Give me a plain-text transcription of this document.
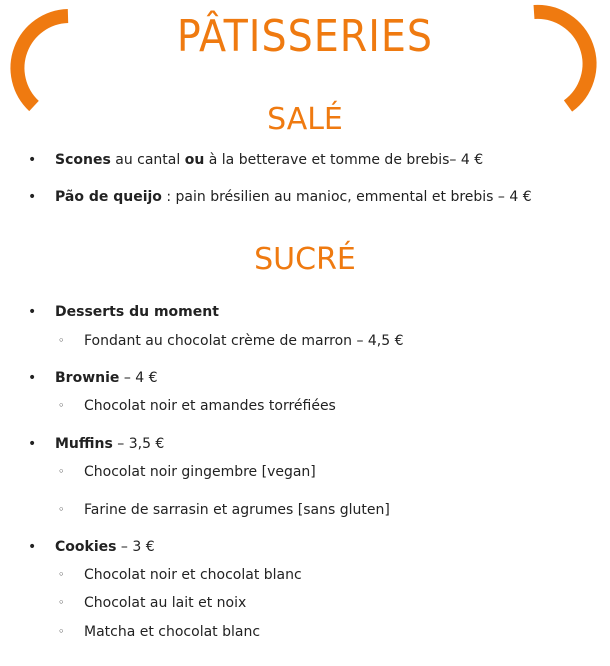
PÂTISSERIES
SALÉ
• Scones au cantal ou à la betterave et tomme de brebis– 4 €
• Pão de queijo : pain brésilien au manioc, emmental et brebis – 4 €
SUCRÉ
• Desserts du moment
◦ Fondant au chocolat crème de marron – 4,5 €
• Brownie – 4 €
◦ Chocolat noir et amandes torréfiées
• Muffins – 3,5 €
◦ Chocolat noir gingembre [vegan]
◦ Farine de sarrasin et agrumes [sans gluten]
• Cookies – 3 €
◦ Chocolat noir et chocolat blanc
◦ Chocolat au lait et noix
◦ Matcha et chocolat blanc
